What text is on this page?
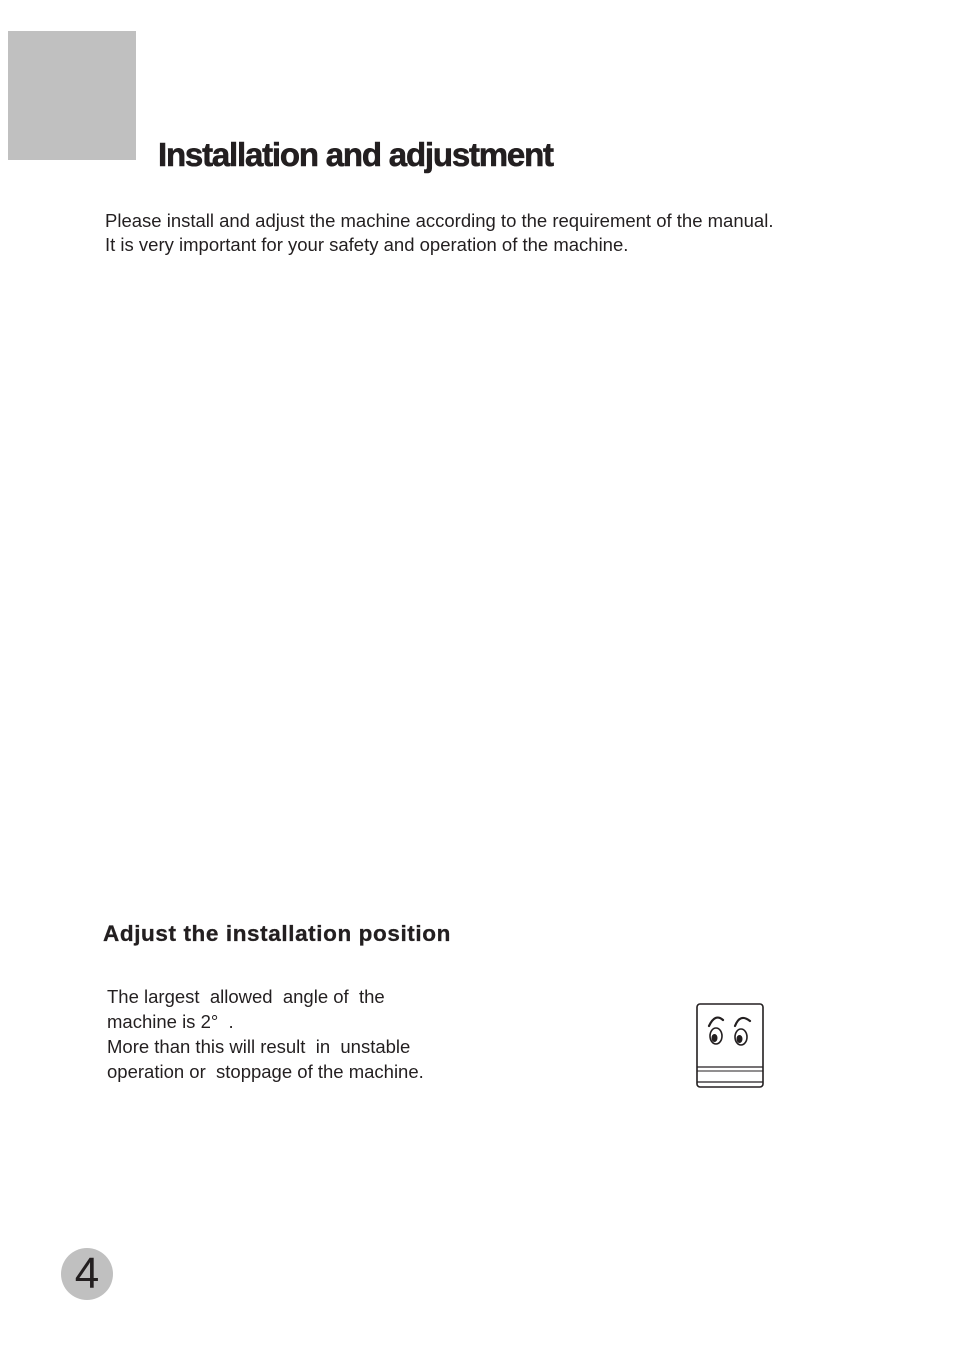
Installation and adjustment
Please install and adjust the machine according to the requirement of the manual.
It is very important for your safety and operation of the machine.
Adjust the installation position
The largest  allowed  angle of  the
machine is 2°  .
More than this will result  in  unstable
operation or  stoppage of the machine.
4
